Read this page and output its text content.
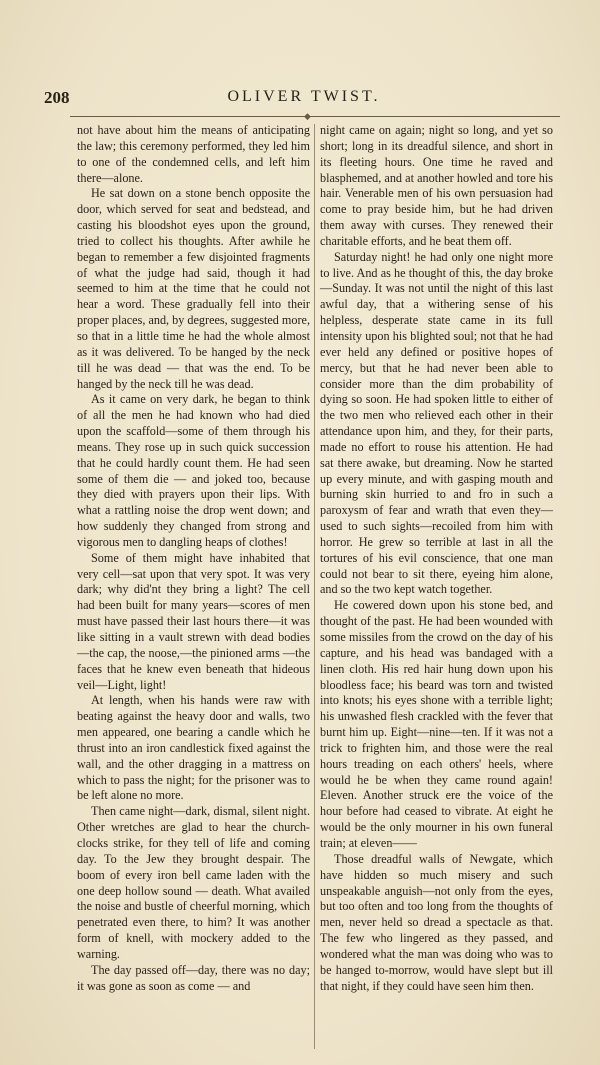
208	OLIVER TWIST.
◆

not have about him the means of anticipating the law; this ceremony performed, they led him to one of the condemned cells, and left him there—alone.

He sat down on a stone bench opposite the door, which served for seat and bedstead, and casting his bloodshot eyes upon the ground, tried to collect his thoughts. After awhile he began to remember a few disjointed fragments of what the judge had said, though it had seemed to him at the time that he could not hear a word. These gradually fell into their proper places, and, by degrees, suggested more, so that in a little time he had the whole almost as it was delivered. To be hanged by the neck till he was dead — that was the end. To be hanged by the neck till he was dead.

As it came on very dark, he began to think of all the men he had known who had died upon the scaffold—some of them through his means. They rose up in such quick succession that he could hardly count them. He had seen some of them die — and joked too, because they died with prayers upon their lips. With what a rattling noise the drop went down; and how suddenly they changed from strong and vigorous men to dangling heaps of clothes!

Some of them might have inhabited that very cell—sat upon that very spot. It was very dark; why did'nt they bring a light? The cell had been built for many years—scores of men must have passed their last hours there—it was like sitting in a vault strewn with dead bodies —the cap, the noose,—the pinioned arms —the faces that he knew even beneath that hideous veil—Light, light!

At length, when his hands were raw with beating against the heavy door and walls, two men appeared, one bearing a candle which he thrust into an iron candlestick fixed against the wall, and the other dragging in a mattress on which to pass the night; for the prisoner was to be left alone no more.

Then came night—dark, dismal, silent night. Other wretches are glad to hear the church-clocks strike, for they tell of life and coming day. To the Jew they brought despair. The boom of every iron bell came laden with the one deep hollow sound — death. What availed the noise and bustle of cheerful morning, which penetrated even there, to him? It was another form of knell, with mockery added to the warning.

The day passed off—day, there was no day; it was gone as soon as come — and

night came on again; night so long, and yet so short; long in its dreadful silence, and short in its fleeting hours. One time he raved and blasphemed, and at another howled and tore his hair. Venerable men of his own persuasion had come to pray beside him, but he had driven them away with curses. They renewed their charitable efforts, and he beat them off.

Saturday night! he had only one night more to live. And as he thought of this, the day broke—Sunday. It was not until the night of this last awful day, that a withering sense of his helpless, desperate state came in its full intensity upon his blighted soul; not that he had ever held any defined or positive hopes of mercy, but that he had never been able to consider more than the dim probability of dying so soon. He had spoken little to either of the two men who relieved each other in their attendance upon him, and they, for their parts, made no effort to rouse his attention. He had sat there awake, but dreaming. Now he started up every minute, and with gasping mouth and burning skin hurried to and fro in such a paroxysm of fear and wrath that even they—used to such sights—recoiled from him with horror. He grew so terrible at last in all the tortures of his evil conscience, that one man could not bear to sit there, eyeing him alone, and so the two kept watch together.

He cowered down upon his stone bed, and thought of the past. He had been wounded with some missiles from the crowd on the day of his capture, and his head was bandaged with a linen cloth. His red hair hung down upon his bloodless face; his beard was torn and twisted into knots; his eyes shone with a terrible light; his unwashed flesh crackled with the fever that burnt him up. Eight—nine—ten. If it was not a trick to frighten him, and those were the real hours treading on each others' heels, where would he be when they came round again! Eleven. Another struck ere the voice of the hour before had ceased to vibrate. At eight he would be the only mourner in his own funeral train; at eleven——

Those dreadful walls of Newgate, which have hidden so much misery and such unspeakable anguish—not only from the eyes, but too often and too long from the thoughts of men, never held so dread a spectacle as that. The few who lingered as they passed, and wondered what the man was doing who was to be hanged to-morrow, would have slept but ill that night, if they could have seen him then.
